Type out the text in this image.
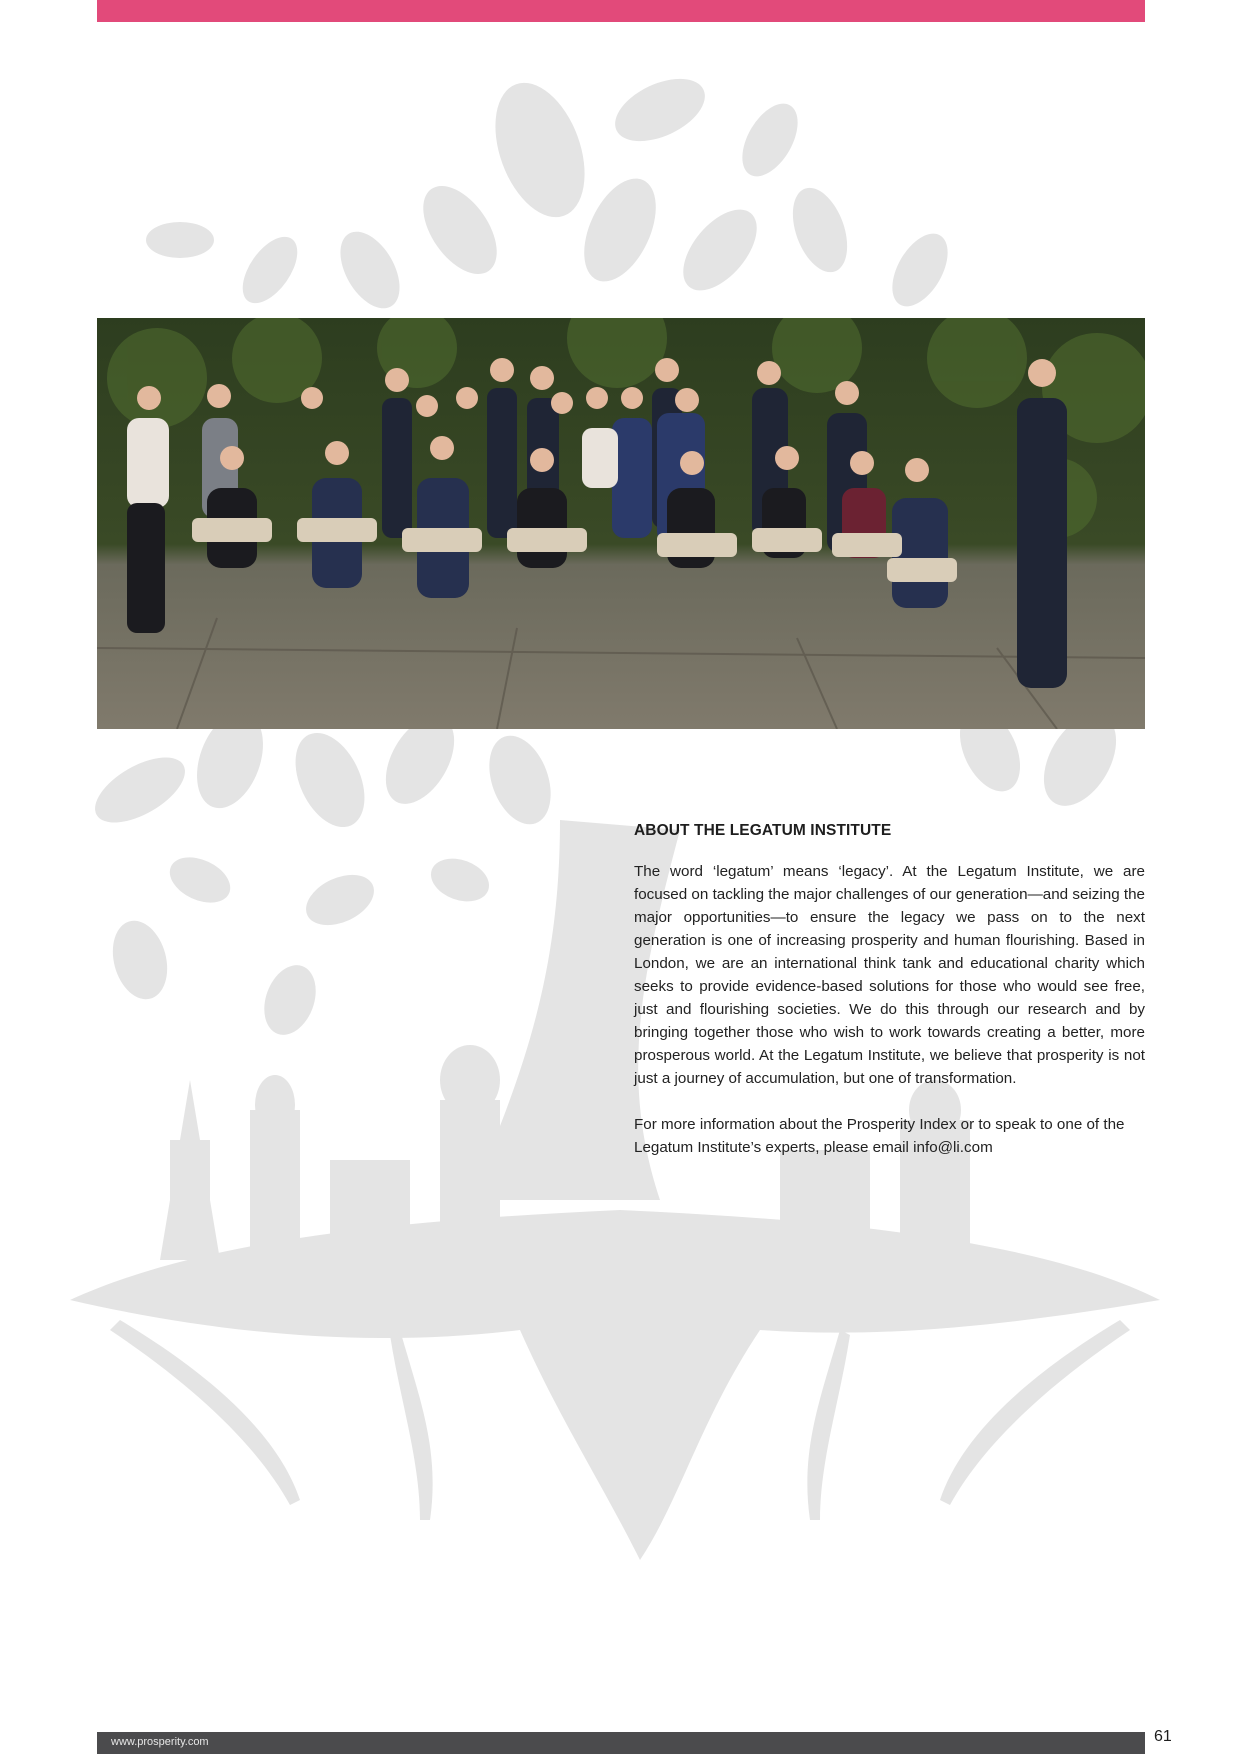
ABOUT THE LEGATUM INSTITUTE

The word ‘legatum’ means ‘legacy’. At the Legatum Institute, we are focused on tackling the major challenges of our generation—and seizing the major opportunities—to ensure the legacy we pass on to the next generation is one of increasing prosperity and human flourishing. Based in London, we are an international think tank and educational charity which seeks to provide evidence-based solutions for those who would see free, just and flourishing societies. We do this through our research and by bringing together those who wish to work towards creating a better, more prosperous world. At the Legatum Institute, we believe that prosperity is not just a journey of accumulation, but one of transformation.

For more information about the Prosperity Index or to speak to one of the Legatum Institute’s experts, please email info@li.com

www.prosperity.com	61
